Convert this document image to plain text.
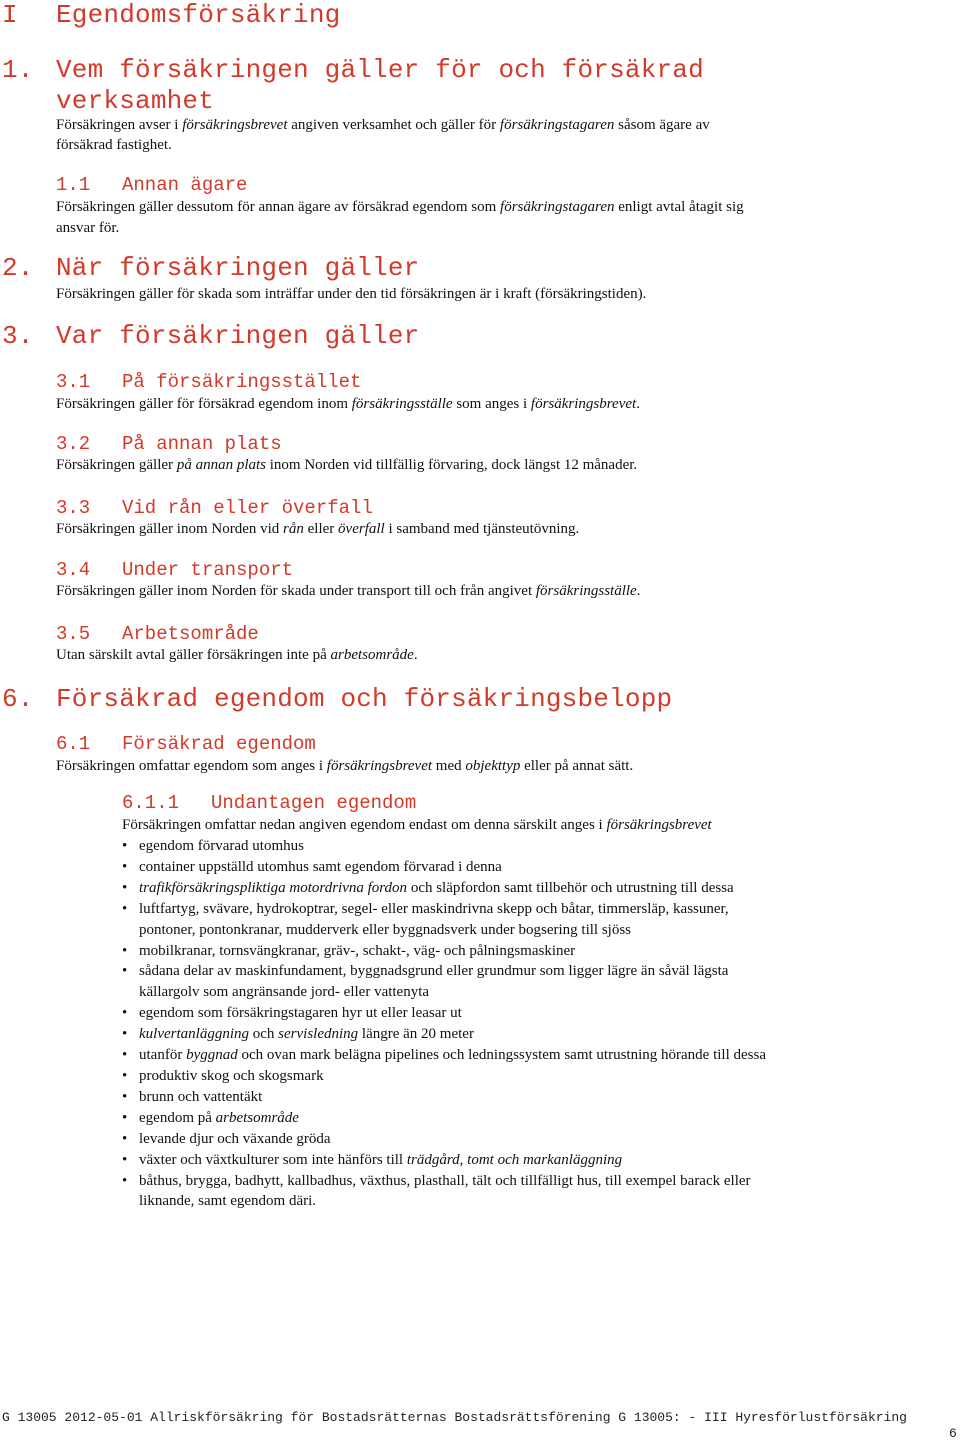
I Egendomsförsäkring
1. Vem försäkringen gäller för och försäkrad
verksamhet
Försäkringen avser i försäkringsbrevet angiven verksamhet och gäller för försäkringstagaren såsom ägare av
försäkrad fastighet.
1.1 Annan ägare
Försäkringen gäller dessutom för annan ägare av försäkrad egendom som försäkringstagaren enligt avtal åtagit sig
ansvar för.
2. När försäkringen gäller
Försäkringen gäller för skada som inträffar under den tid försäkringen är i kraft (försäkringstiden).
3. Var försäkringen gäller
3.1 På försäkringsstället
Försäkringen gäller för försäkrad egendom inom försäkringsställe som anges i försäkringsbrevet.
3.2 På annan plats
Försäkringen gäller på annan plats inom Norden vid tillfällig förvaring, dock längst 12 månader.
3.3 Vid rån eller överfall
Försäkringen gäller inom Norden vid rån eller överfall i samband med tjänsteutövning.
3.4 Under transport
Försäkringen gäller inom Norden för skada under transport till och från angivet försäkringsställe.
3.5 Arbetsområde
Utan särskilt avtal gäller försäkringen inte på arbetsområde.
6. Försäkrad egendom och försäkringsbelopp
6.1 Försäkrad egendom
Försäkringen omfattar egendom som anges i försäkringsbrevet med objekttyp eller på annat sätt.
6.1.1 Undantagen egendom
Försäkringen omfattar nedan angiven egendom endast om denna särskilt anges i försäkringsbrevet
• egendom förvarad utomhus
• container uppställd utomhus samt egendom förvarad i denna
• trafikförsäkringspliktiga motordrivna fordon och släpfordon samt tillbehör och utrustning till dessa
• luftfartyg, svävare, hydrokoptrar, segel- eller maskindrivna skepp och båtar, timmersläp, kassuner,
pontoner, pontonkranar, mudderverk eller byggnadsverk under bogsering till sjöss
• mobilkranar, tornsvängkranar, gräv-, schakt-, väg- och pålningsmaskiner
• sådana delar av maskinfundament, byggnadsgrund eller grundmur som ligger lägre än såväl lägsta
källargolv som angränsande jord- eller vattenyta
• egendom som försäkringstagaren hyr ut eller leasar ut
• kulvertanläggning och servisledning längre än 20 meter
• utanför byggnad och ovan mark belägna pipelines och ledningssystem samt utrustning hörande till dessa
• produktiv skog och skogsmark
• brunn och vattentäkt
• egendom på arbetsområde
• levande djur och växande gröda
• växter och växtkulturer som inte hänförs till trädgård, tomt och markanläggning
• båthus, brygga, badhytt, kallbadhus, växthus, plasthall, tält och tillfälligt hus, till exempel barack eller
liknande, samt egendom däri.
G 13005 2012-05-01 Allriskförsäkring för Bostadsrätternas Bostadsrättsförening G 13005: - III Hyresförlustförsäkring
6
